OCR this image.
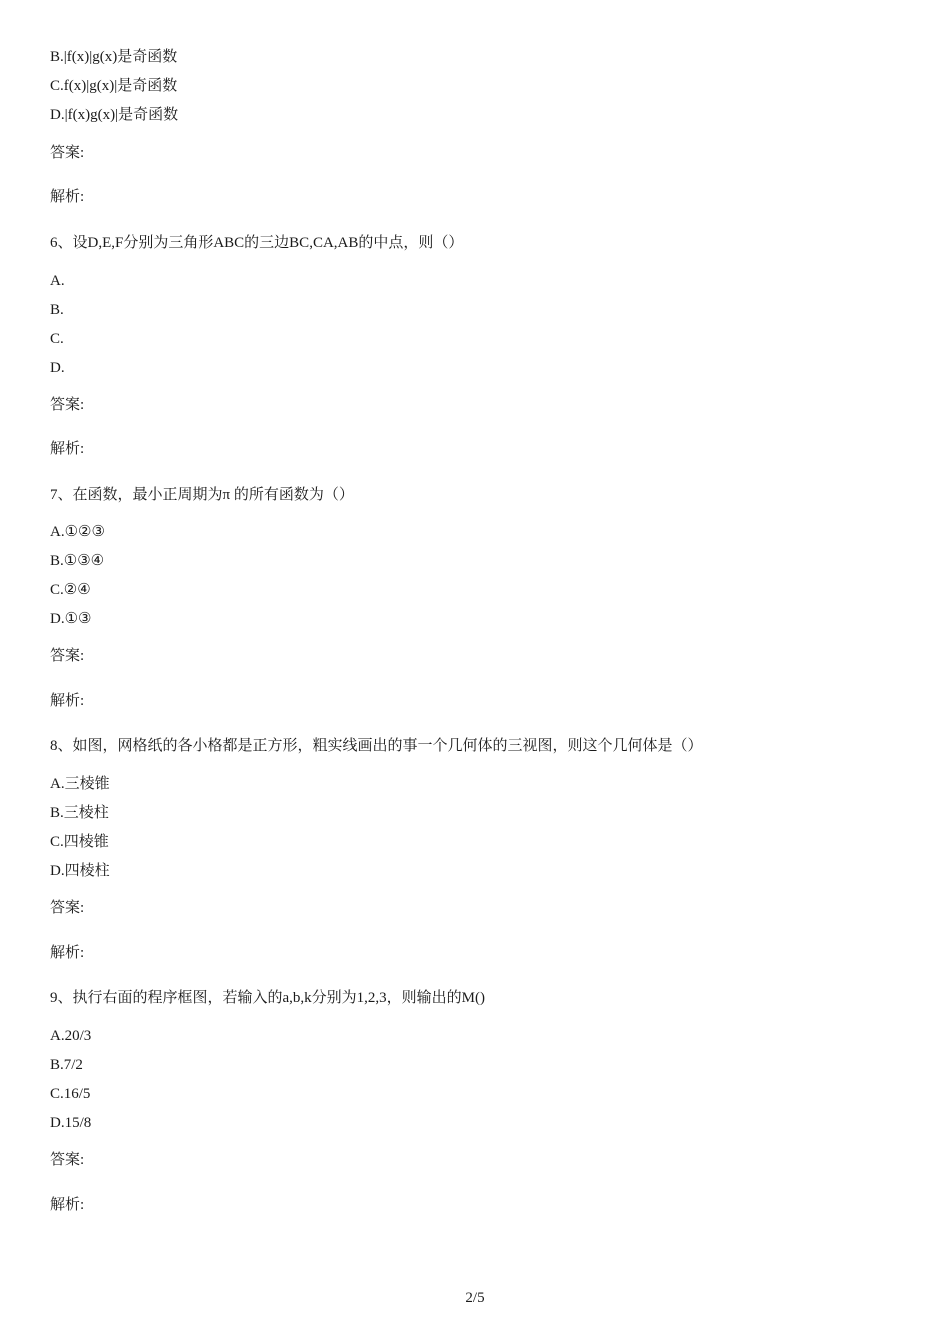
B.|f(x)|g(x)是奇函数
C.f(x)|g(x)|是奇函数
D.|f(x)g(x)|是奇函数
答案:
解析:
6、设D,E,F分别为三角形ABC的三边BC,CA,AB的中点，则（）
A.
B.
C.
D.
答案:
解析:
7、在函数，最小正周期为π 的所有函数为（）
A.①②③
B.①③④
C.②④
D.①③
答案:
解析:
8、如图，网格纸的各小格都是正方形，粗实线画出的事一个几何体的三视图，则这个几何体是（）
A.三棱锥
B.三棱柱
C.四棱锥
D.四棱柱
答案:
解析:
9、执行右面的程序框图，若输入的a,b,k分别为1,2,3，则输出的M()
A.20/3
B.7/2
C.16/5
D.15/8
答案:
解析:
2/5
